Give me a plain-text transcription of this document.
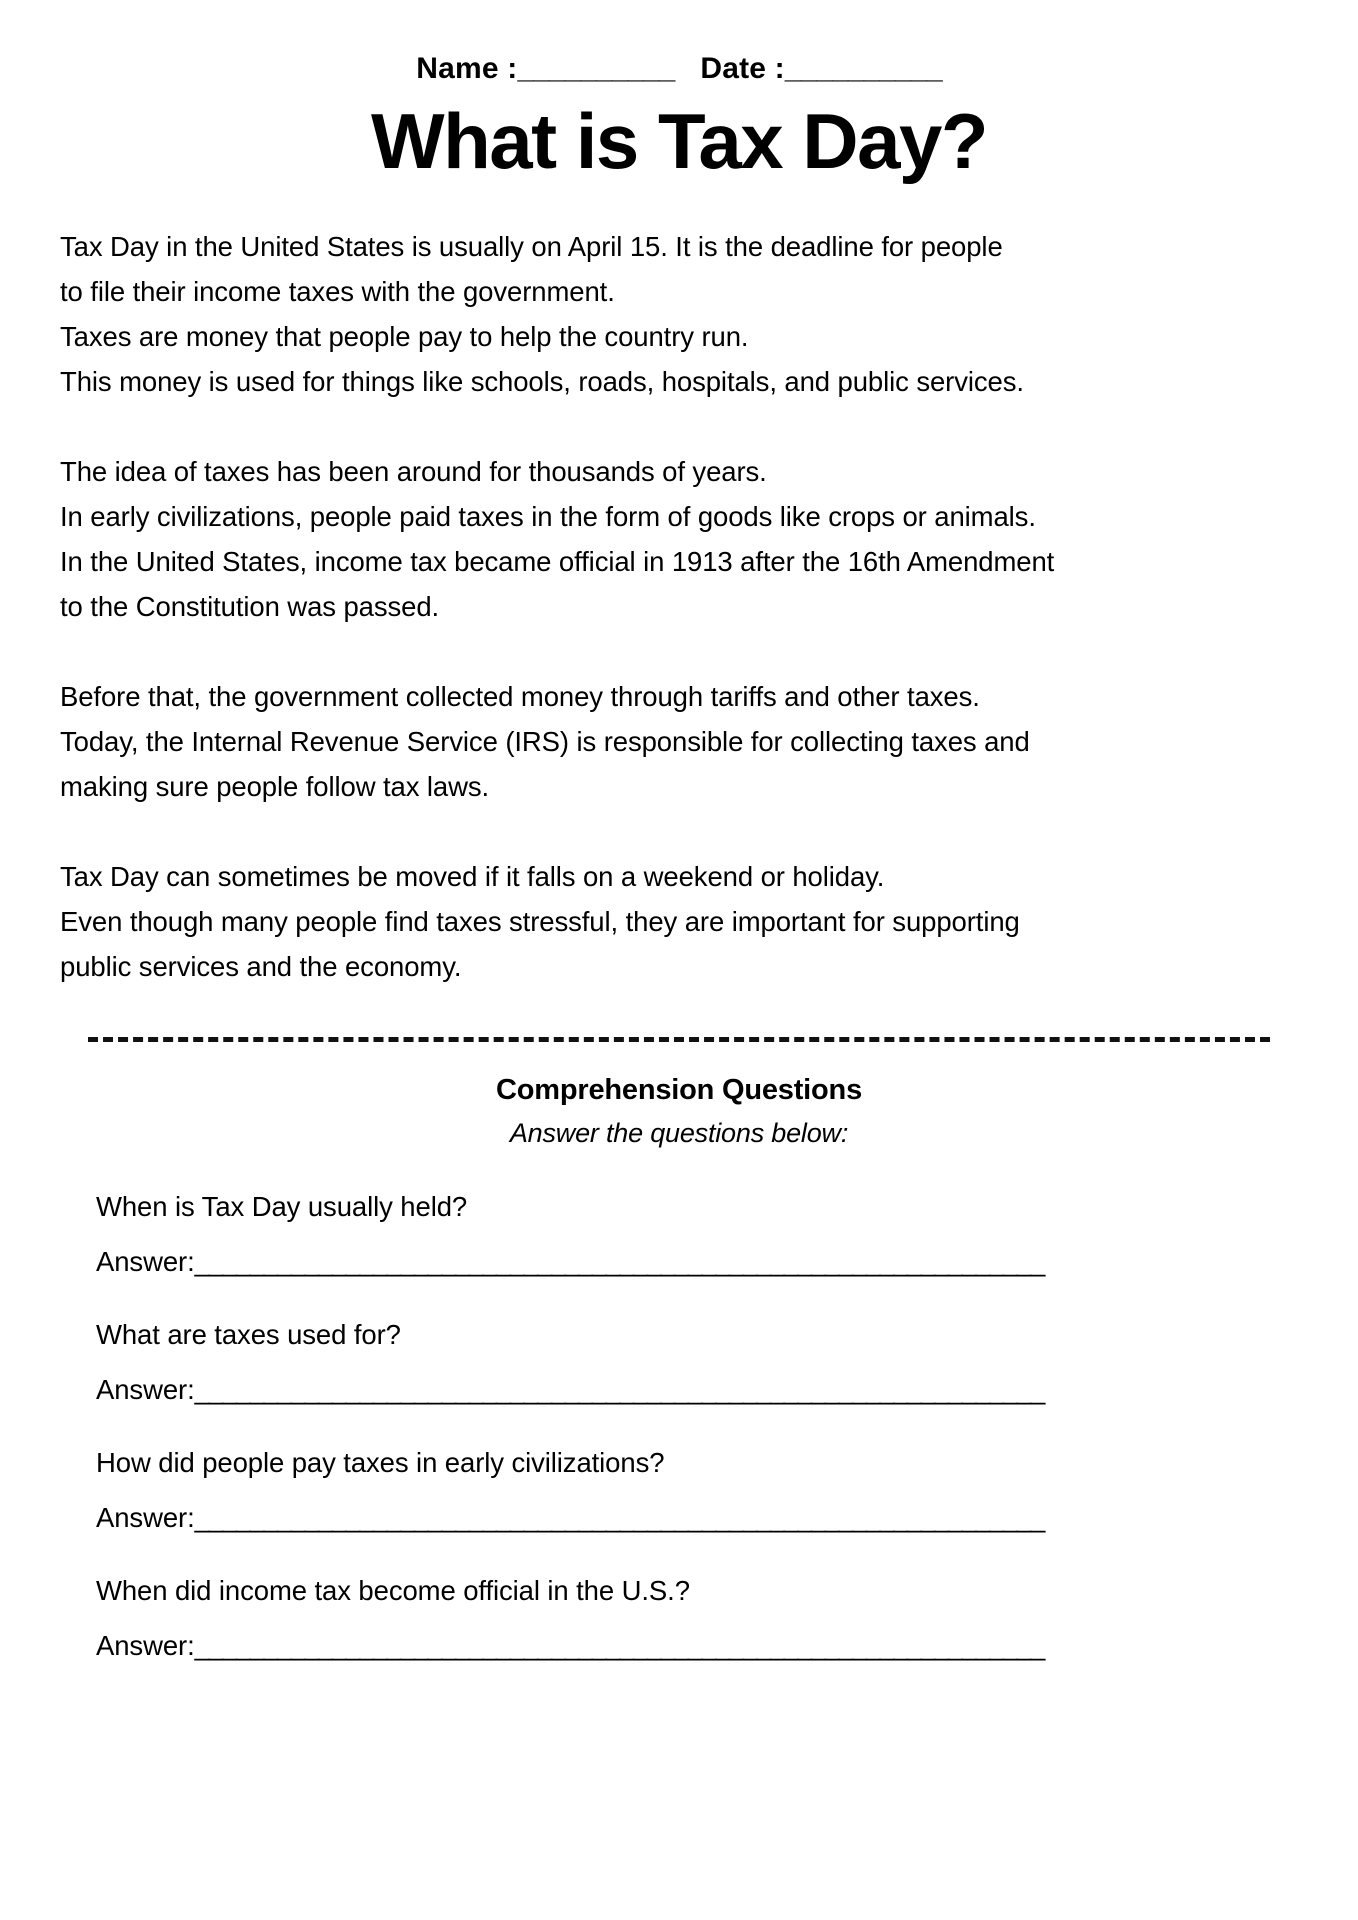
Name :__________ Date :__________
What is Tax Day?
Tax Day in the United States is usually on April 15. It is the deadline for people
to file their income taxes with the government.
Taxes are money that people pay to help the country run.
This money is used for things like schools, roads, hospitals, and public services.
The idea of taxes has been around for thousands of years.
In early civilizations, people paid taxes in the form of goods like crops or animals.
In the United States, income tax became official in 1913 after the 16th Amendment
to the Constitution was passed.
Before that, the government collected money through tariffs and other taxes.
Today, the Internal Revenue Service (IRS) is responsible for collecting taxes and
making sure people follow tax laws.
Tax Day can sometimes be moved if it falls on a weekend or holiday.
Even though many people find taxes stressful, they are important for supporting
public services and the economy.
Comprehension Questions
Answer the questions below:
When is Tax Day usually held?
Answer:______________________________________________________________
What are taxes used for?
Answer:______________________________________________________________
How did people pay taxes in early civilizations?
Answer:______________________________________________________________
When did income tax become official in the U.S.?
Answer:______________________________________________________________
